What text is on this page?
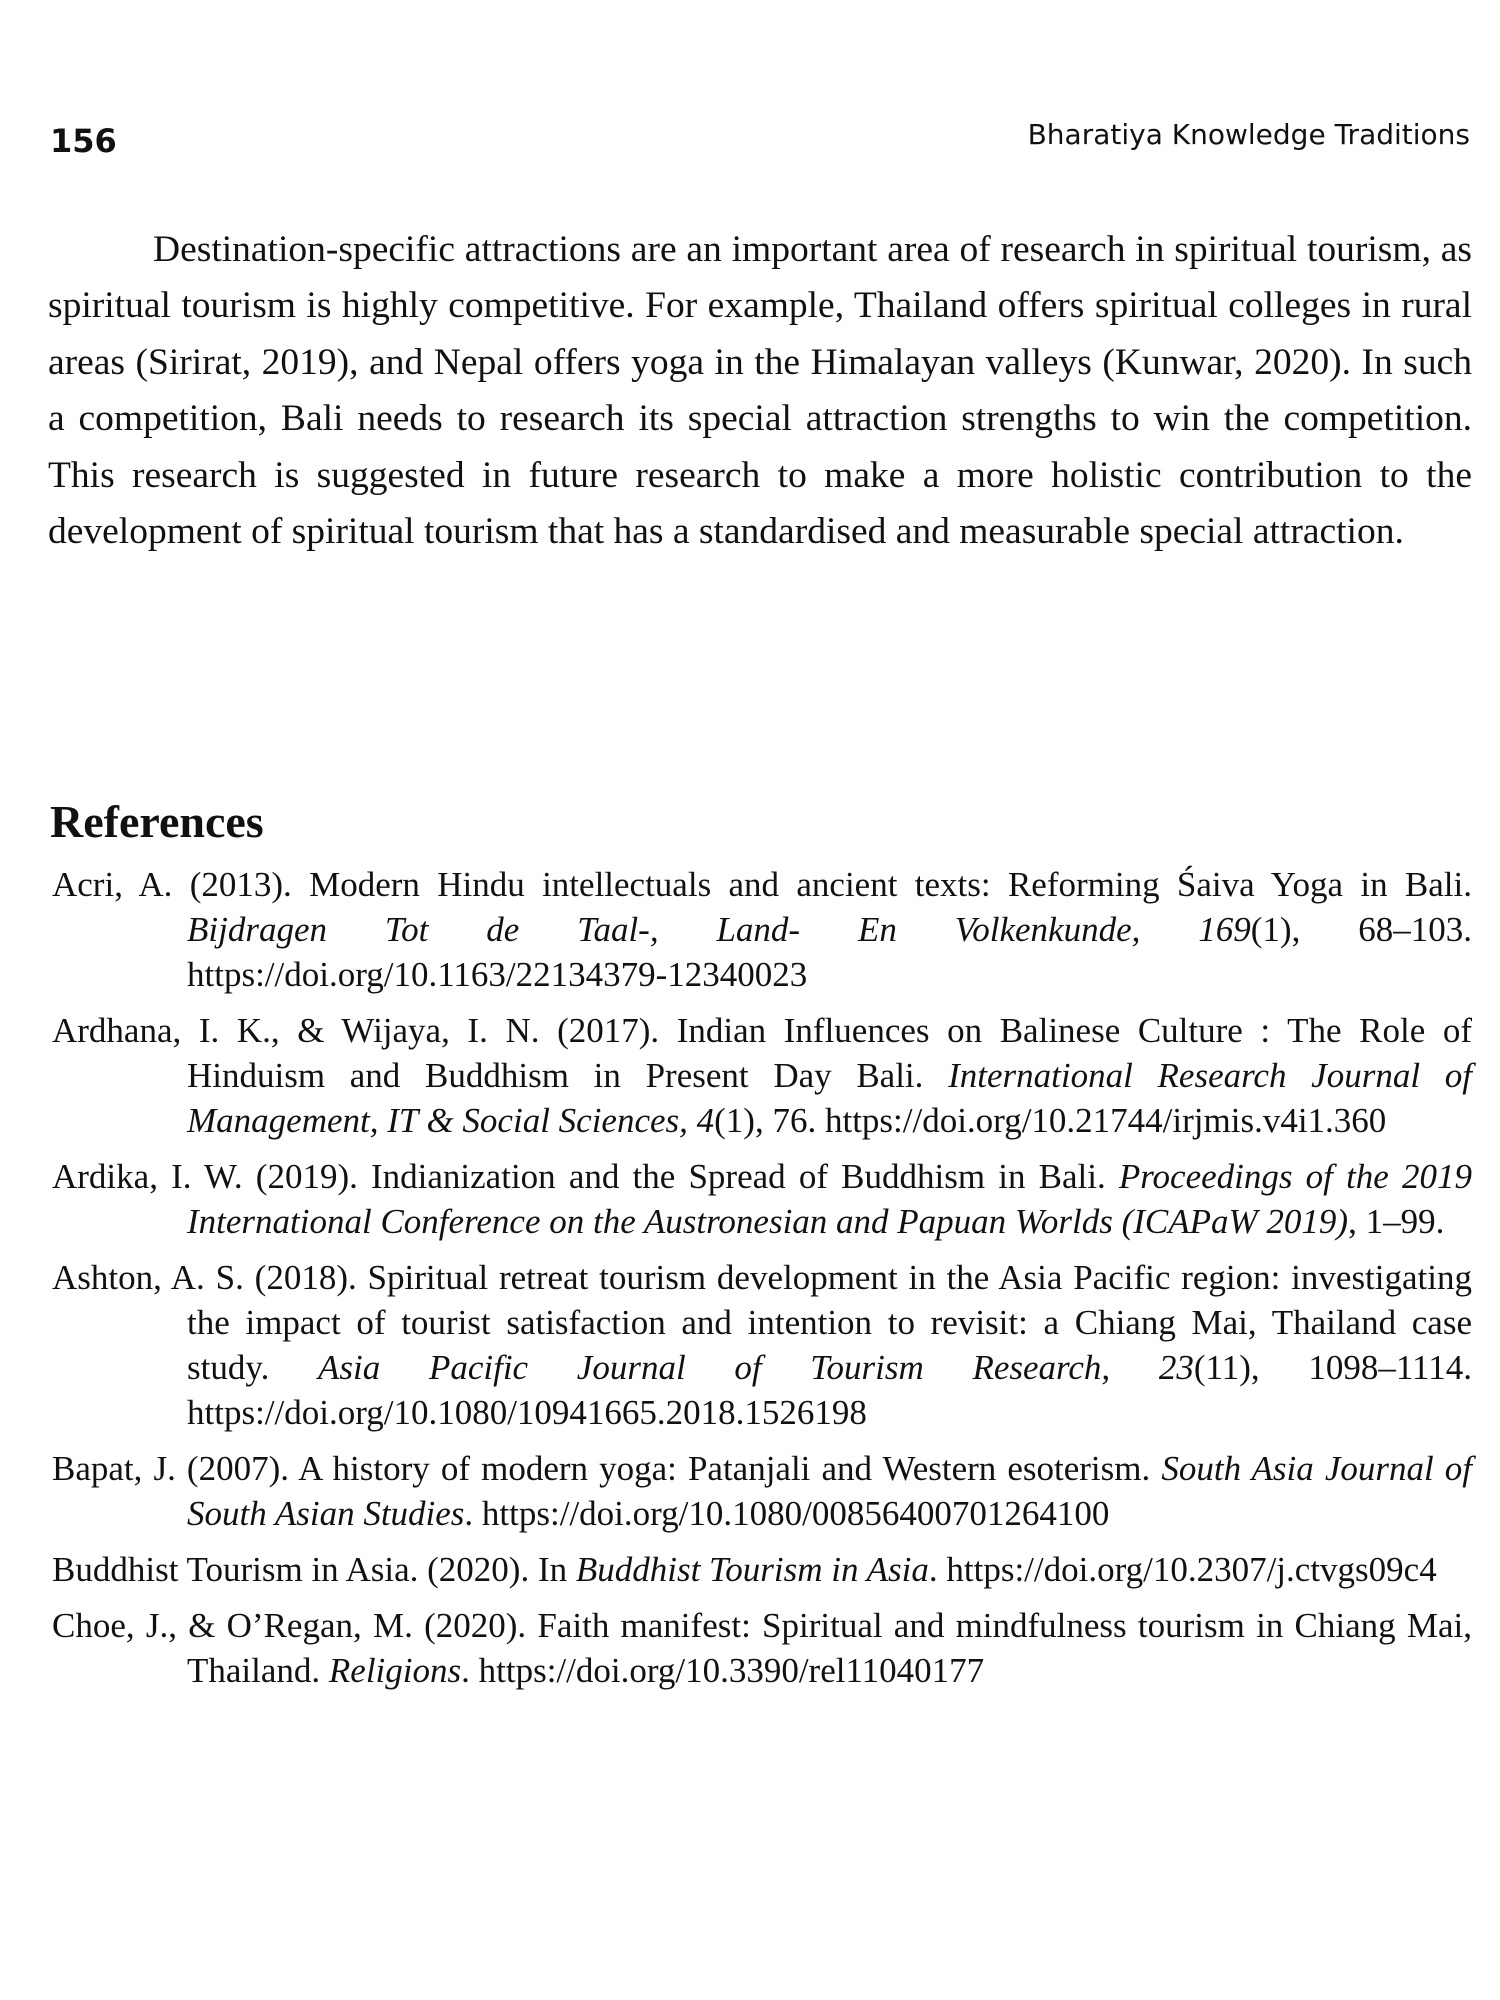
156	Bharatiya Knowledge Traditions

Destination-specific attractions are an important area of research in spiritual tourism, as spiritual tourism is highly competitive. For example, Thailand offers spiritual colleges in rural areas (Sirirat, 2019), and Nepal offers yoga in the Himalayan valleys (Kunwar, 2020). In such a competition, Bali needs to research its special attraction strengths to win the competition. This research is suggested in future research to make a more holistic contribution to the development of spiritual tourism that has a standardised and measurable special attraction.

References
Acri, A. (2013). Modern Hindu intellectuals and ancient texts: Reforming Śaiva Yoga in Bali. Bijdragen Tot de Taal-, Land- En Volkenkunde, 169(1), 68–103. https://doi.org/10.1163/22134379-12340023
Ardhana, I. K., & Wijaya, I. N. (2017). Indian Influences on Balinese Culture : The Role of Hinduism and Buddhism in Present Day Bali. International Research Journal of Management, IT & Social Sciences, 4(1), 76. https://doi.org/10.21744/irjmis.v4i1.360
Ardika, I. W. (2019). Indianization and the Spread of Buddhism in Bali. Proceedings of the 2019 International Conference on the Austronesian and Papuan Worlds (ICAPaW 2019), 1–99.
Ashton, A. S. (2018). Spiritual retreat tourism development in the Asia Pacific region: investigating the impact of tourist satisfaction and intention to revisit: a Chiang Mai, Thailand case study. Asia Pacific Journal of Tourism Research, 23(11), 1098–1114. https://doi.org/10.1080/10941665.2018.1526198
Bapat, J. (2007). A history of modern yoga: Patanjali and Western esoterism. South Asia Journal of South Asian Studies. https://doi.org/10.1080/00856400701264100
Buddhist Tourism in Asia. (2020). In Buddhist Tourism in Asia. https://doi.org/10.2307/j.ctvgs09c4
Choe, J., & O’Regan, M. (2020). Faith manifest: Spiritual and mindfulness tourism in Chiang Mai, Thailand. Religions. https://doi.org/10.3390/rel11040177
